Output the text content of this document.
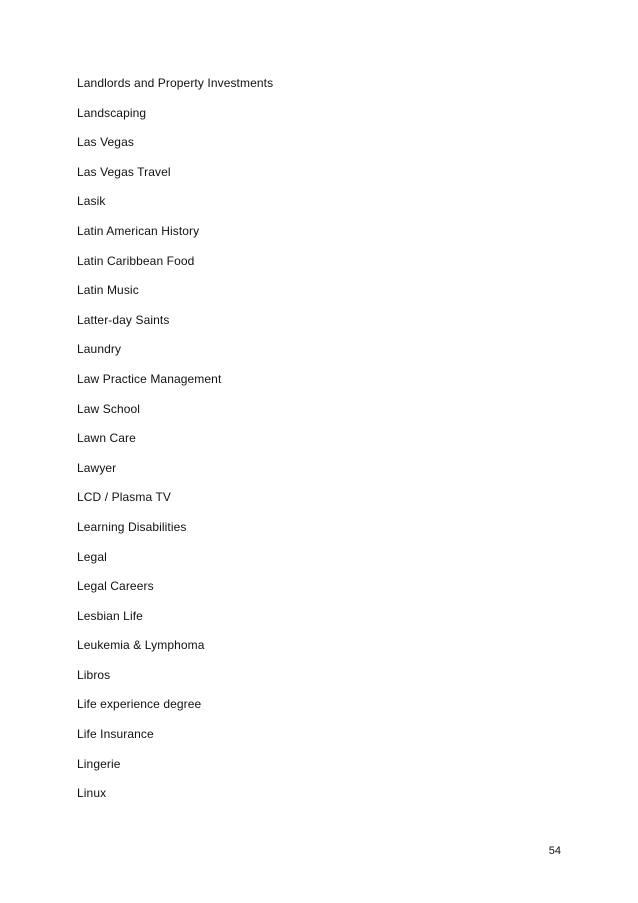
Landlords and Property Investments
Landscaping
Las Vegas
Las Vegas Travel
Lasik
Latin American History
Latin Caribbean Food
Latin Music
Latter-day Saints
Laundry
Law Practice Management
Law School
Lawn Care
Lawyer
LCD / Plasma TV
Learning Disabilities
Legal
Legal Careers
Lesbian Life
Leukemia & Lymphoma
Libros
Life experience degree
Life Insurance
Lingerie
Linux
54
